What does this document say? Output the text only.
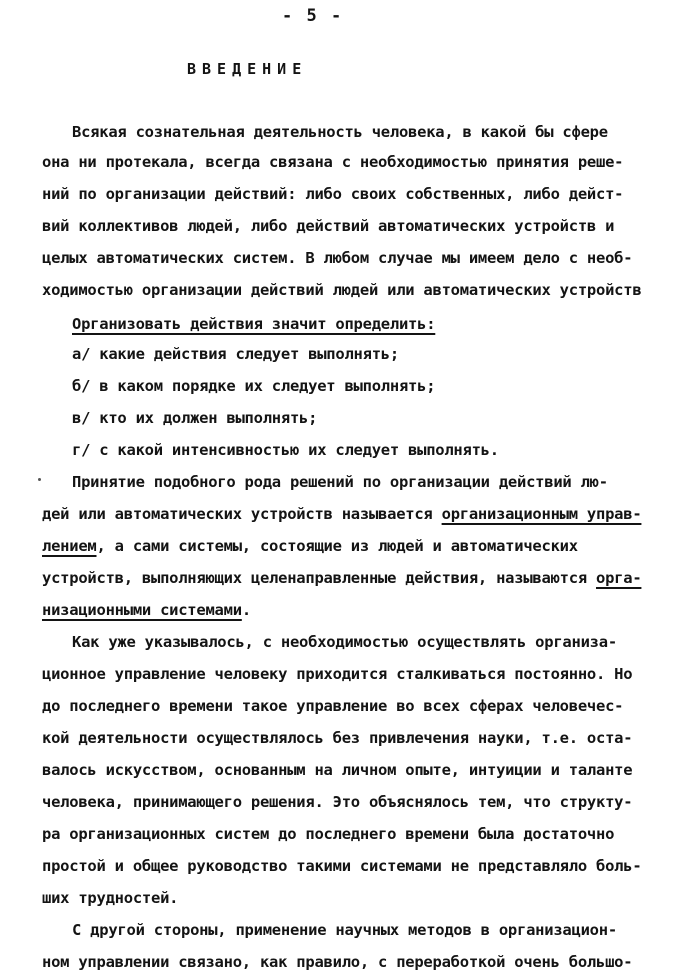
- 5 -
ВВЕДЕНИЕ
Всякая сознательная деятельность человека, в какой бы сфере
она ни протекала, всегда связана с необходимостью принятия реше-
ний по организации действий: либо своих собственных, либо дейст-
вий коллективов людей, либо действий автоматических устройств и
целых автоматических систем. В любом случае мы имеем дело с необ-
ходимостью организации действий людей или автоматических устройств
Организовать действия значит определить:
а/ какие действия следует выполнять;
б/ в каком порядке их следует выполнять;
в/ кто их должен выполнять;
г/ с какой интенсивностью их следует выполнять.
Принятие подобного рода решений по организации действий лю-
дей или автоматических устройств называется организационным управ-
лением, а сами системы, состоящие из людей и автоматических
устройств, выполняющих целенаправленные действия, называются орга-
низационными системами.
Как уже указывалось, с необходимостью осуществлять организа-
ционное управление человеку приходится сталкиваться постоянно. Но
до последнего времени такое управление во всех сферах человечес-
кой деятельности осуществлялось без привлечения науки, т.е. оста-
валось искусством, основанным на личном опыте, интуиции и таланте
человека, принимающего решения. Это объяснялось тем, что структу-
ра организационных систем до последнего времени была достаточно
простой и общее руководство такими системами не представляло боль-
ших трудностей.
С другой стороны, применение научных методов в организацион-
ном управлении связано, как правило, с переработкой очень большо-
